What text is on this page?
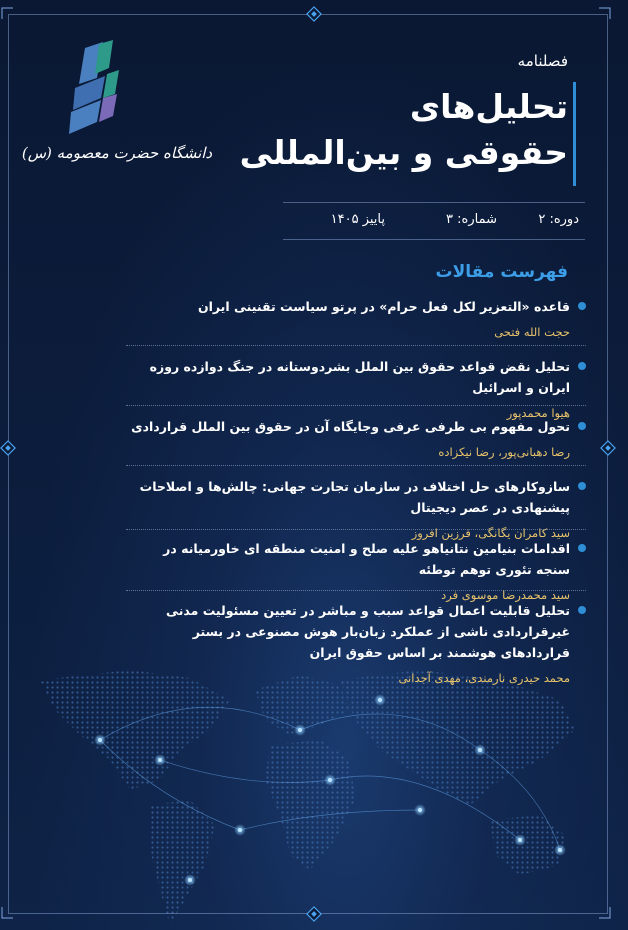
دانشگاه حضرت معصومه (س)
فصلنامه
تحلیل‌های
حقوقی و بین‌المللی
دوره: ۲
شماره: ۳
پاییز ۱۴۰۵
فهرست مقالات
قاعده «التعزیر لکل فعل حرام» در پرتو سیاست تقنینی ایران
حجت الله فتحی
تحلیل نقض قواعد حقوق بین الملل بشردوستانه در جنگ دوازده روزه ایران و اسرائیل
هیوا محمدپور
تحول مفهوم بی طرفی عرفی وجایگاه آن در حقوق بین الملل قراردادی
رضا دهبانی‌پور، رضا نیکزاده
سازوکارهای حل اختلاف در سازمان تجارت جهانی: چالش‌ها و اصلاحات پیشنهادی در عصر دیجیتال
سید کامران یگانگی، فرزین افروز
اقدامات بنیامین نتانیاهو علیه صلح و امنیت منطقه ای خاورمیانه در سنجه تئوری توهم توطئه
سید محمدرضا موسوی فرد
تحلیل قابلیت اعمال قواعد سبب و مباشر در تعیین مسئولیت مدنی غیرقراردادی ناشی از عملکرد زبان‌بار هوش مصنوعی در بستر قراردادهای هوشمند بر اساس حقوق ایران
محمد حیدری نارمندی، مهدی آجدانی
